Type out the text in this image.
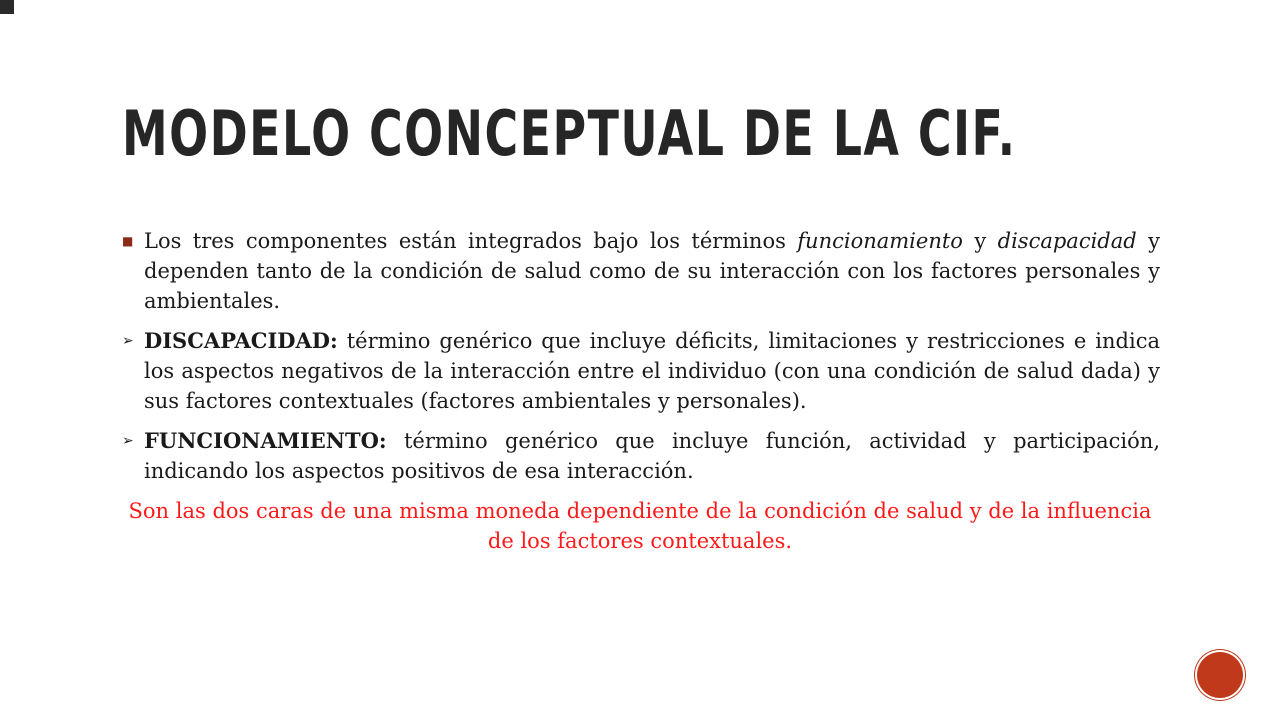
MODELO CONCEPTUAL DE LA CIF.

■ Los tres componentes están integrados bajo los términos funcionamiento y discapacidad y dependen tanto de la condición de salud como de su interacción con los factores personales y ambientales.

➢ DISCAPACIDAD: término genérico que incluye déficits, limitaciones y restricciones e indica los aspectos negativos de la interacción entre el individuo (con una condición de salud dada) y sus factores contextuales (factores ambientales y personales).

➢ FUNCIONAMIENTO: término genérico que incluye función, actividad y participación, indicando los aspectos positivos de esa interacción.

Son las dos caras de una misma moneda dependiente de la condición de salud y de la influencia de los factores contextuales.
